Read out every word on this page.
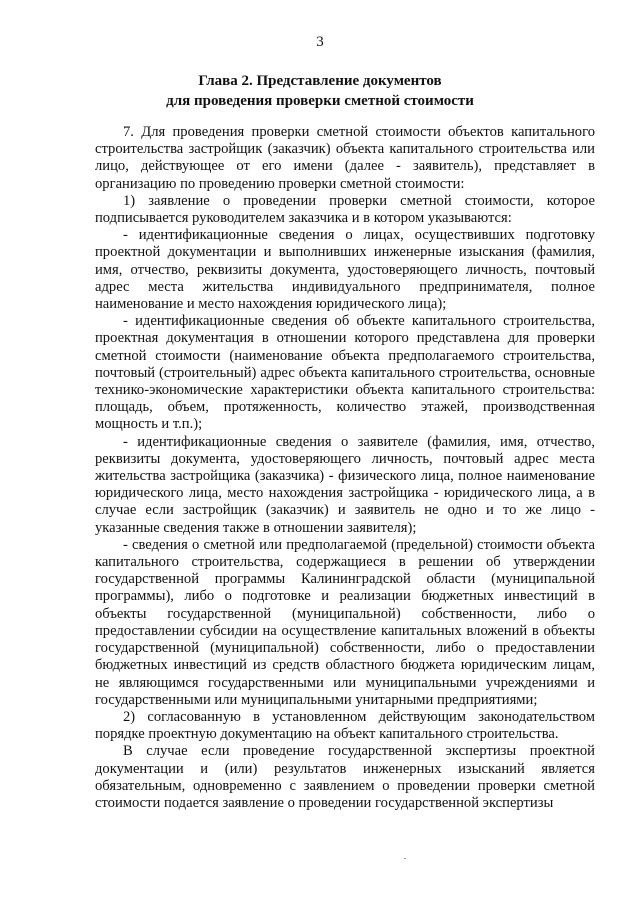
3
Глава 2. Представление документов
для проведения проверки сметной стоимости

7. Для проведения проверки сметной стоимости объектов капитального строительства застройщик (заказчик) объекта капитального строительства или лицо, действующее от его имени (далее - заявитель), представляет в организацию по проведению проверки сметной стоимости:

1) заявление о проведении проверки сметной стоимости, которое подписывается руководителем заказчика и в котором указываются:

- идентификационные сведения о лицах, осуществивших подготовку проектной документации и выполнивших инженерные изыскания (фамилия, имя, отчество, реквизиты документа, удостоверяющего личность, почтовый адрес места жительства индивидуального предпринимателя, полное наименование и место нахождения юридического лица);

- идентификационные сведения об объекте капитального строительства, проектная документация в отношении которого представлена для проверки сметной стоимости (наименование объекта предполагаемого строительства, почтовый (строительный) адрес объекта капитального строительства, основные технико-экономические характеристики объекта капитального строительства: площадь, объем, протяженность, количество этажей, производственная мощность и т.п.);

- идентификационные сведения о заявителе (фамилия, имя, отчество, реквизиты документа, удостоверяющего личность, почтовый адрес места жительства застройщика (заказчика) - физического лица, полное наименование юридического лица, место нахождения застройщика - юридического лица, а в случае если застройщик (заказчик) и заявитель не одно и то же лицо - указанные сведения также в отношении заявителя);

- сведения о сметной или предполагаемой (предельной) стоимости объекта капитального строительства, содержащиеся в решении об утверждении государственной программы Калининградской области (муниципальной программы), либо о подготовке и реализации бюджетных инвестиций в объекты государственной (муниципальной) собственности, либо о предоставлении субсидии на осуществление капитальных вложений в объекты государственной (муниципальной) собственности, либо о предоставлении бюджетных инвестиций из средств областного бюджета юридическим лицам, не являющимся государственными или муниципальными учреждениями и государственными или муниципальными унитарными предприятиями;

2) согласованную в установленном действующим законодательством порядке проектную документацию на объект капитального строительства.

В случае если проведение государственной экспертизы проектной документации и (или) результатов инженерных изысканий является обязательным, одновременно с заявлением о проведении проверки сметной стоимости подается заявление о проведении государственной экспертизы
